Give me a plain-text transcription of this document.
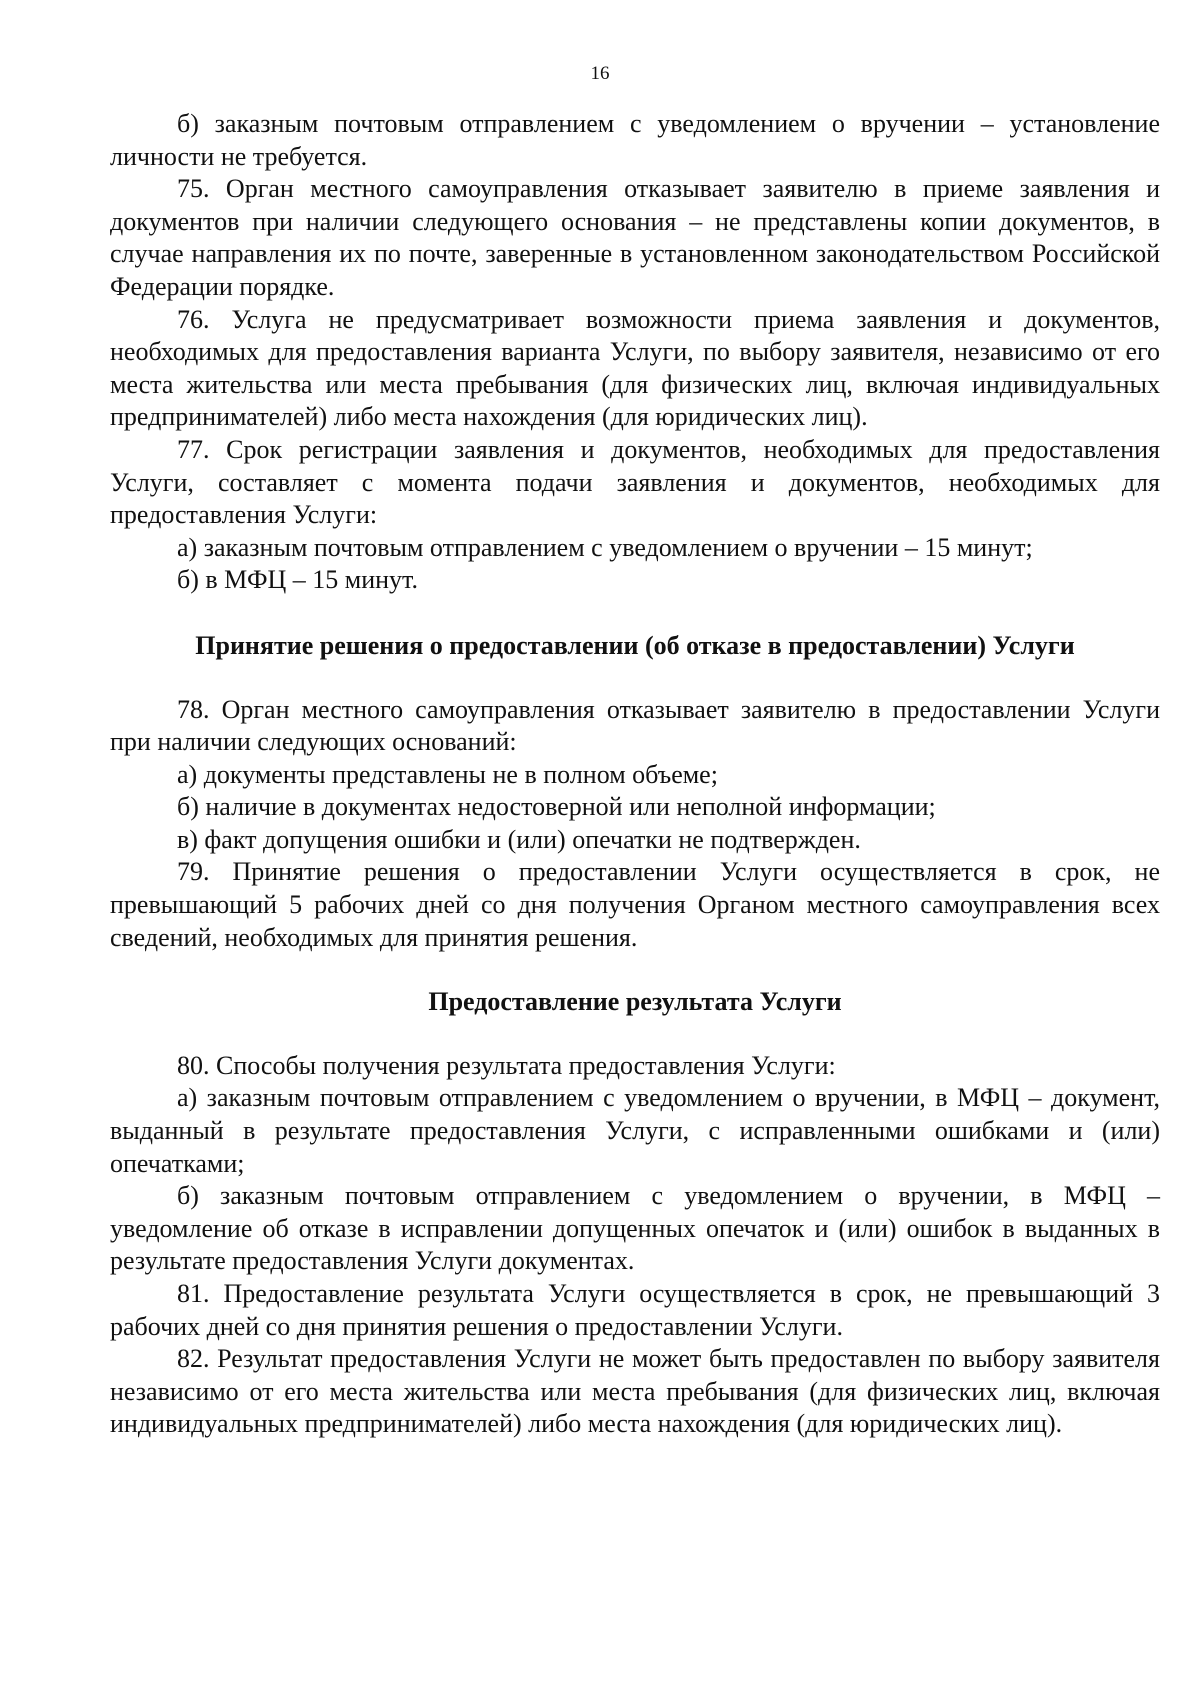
16

б) заказным почтовым отправлением с уведомлением о вручении – установление личности не требуется.

75. Орган местного самоуправления отказывает заявителю в приеме заявления и документов при наличии следующего основания – не представлены копии документов, в случае направления их по почте, заверенные в установленном законодательством Российской Федерации порядке.

76. Услуга не предусматривает возможности приема заявления и документов, необходимых для предоставления варианта Услуги, по выбору заявителя, независимо от его места жительства или места пребывания (для физических лиц, включая индивидуальных предпринимателей) либо места нахождения (для юридических лиц).

77. Срок регистрации заявления и документов, необходимых для предоставления Услуги, составляет с момента подачи заявления и документов, необходимых для предоставления Услуги:

а) заказным почтовым отправлением с уведомлением о вручении – 15 минут;

б) в МФЦ – 15 минут.

Принятие решения о предоставлении (об отказе в предоставлении) Услуги

78. Орган местного самоуправления отказывает заявителю в предоставлении Услуги при наличии следующих оснований:

а) документы представлены не в полном объеме;

б) наличие в документах недостоверной или неполной информации;

в) факт допущения ошибки и (или) опечатки не подтвержден.

79. Принятие решения о предоставлении Услуги осуществляется в срок, не превышающий 5 рабочих дней со дня получения Органом местного самоуправления всех сведений, необходимых для принятия решения.

Предоставление результата Услуги

80. Способы получения результата предоставления Услуги:

а) заказным почтовым отправлением с уведомлением о вручении, в МФЦ – документ, выданный в результате предоставления Услуги, с исправленными ошибками и (или) опечатками;

б) заказным почтовым отправлением с уведомлением о вручении, в МФЦ – уведомление об отказе в исправлении допущенных опечаток и (или) ошибок в выданных в результате предоставления Услуги документах.

81. Предоставление результата Услуги осуществляется в срок, не превышающий 3 рабочих дней со дня принятия решения о предоставлении Услуги.

82. Результат предоставления Услуги не может быть предоставлен по выбору заявителя независимо от его места жительства или места пребывания (для физических лиц, включая индивидуальных предпринимателей) либо места нахождения (для юридических лиц).
